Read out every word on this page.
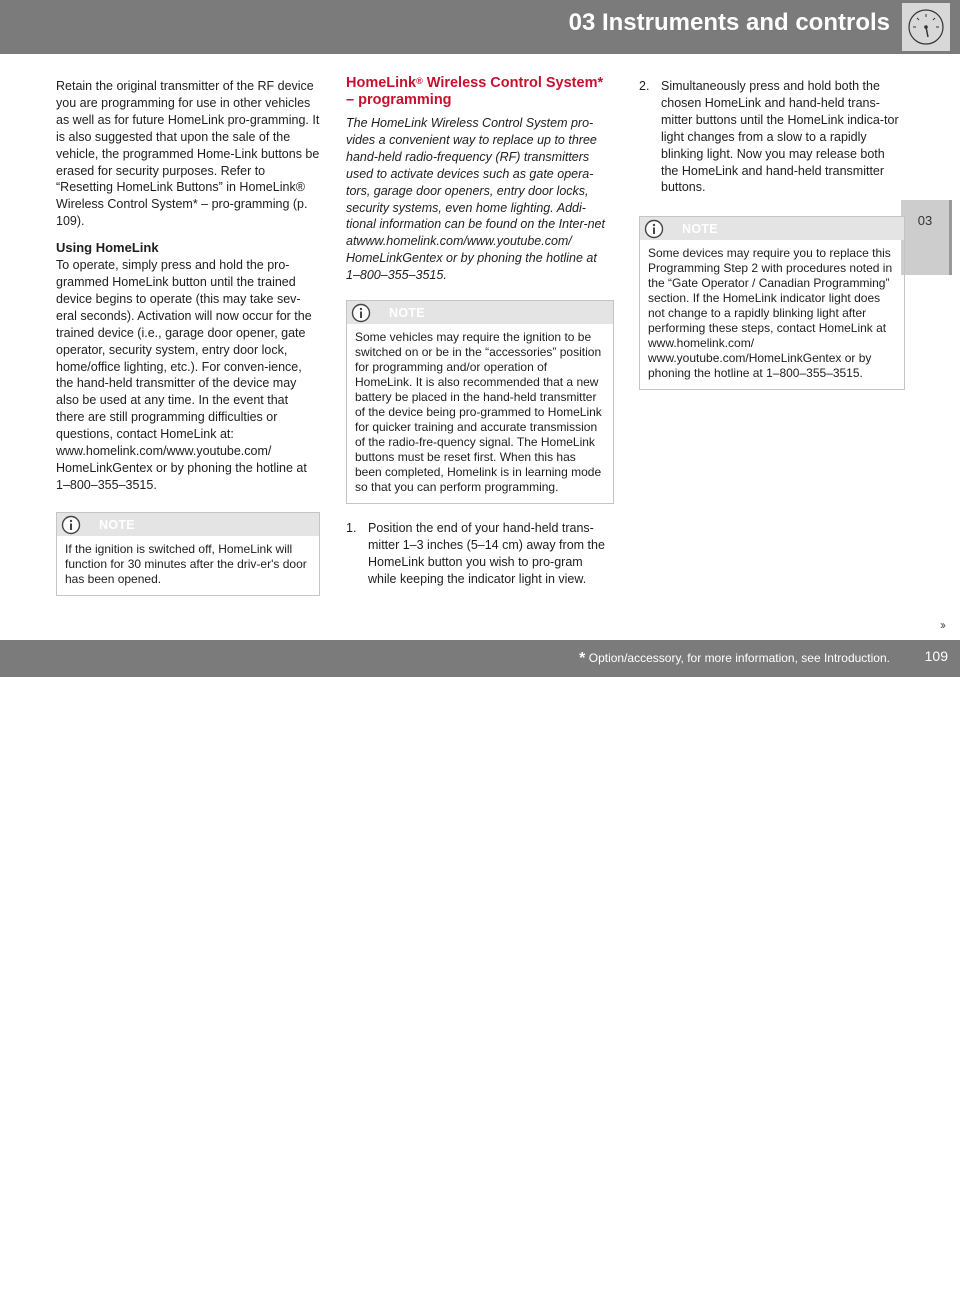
03 Instruments and controls
03

Retain the original transmitter of the RF device you are programming for use in other vehicles as well as for future HomeLink pro-gramming. It is also suggested that upon the sale of the vehicle, the programmed Home-Link buttons be erased for security purposes. Refer to “Resetting HomeLink Buttons” in HomeLink® Wireless Control System* – pro-gramming (p. 109).

Using HomeLink

To operate, simply press and hold the pro-grammed HomeLink button until the trained device begins to operate (this may take sev-eral seconds). Activation will now occur for the trained device (i.e., garage door opener, gate operator, security system, entry door lock, home/office lighting, etc.). For conven-ience, the hand-held transmitter of the device may also be used at any time. In the event that there are still programming difficulties or questions, contact HomeLink at: www.homelink.com/www.youtube.com/ HomeLinkGentex or by phoning the hotline at 1–800–355–3515.

NOTE
If the ignition is switched off, HomeLink will function for 30 minutes after the driv-er's door has been opened.
HomeLink® Wireless Control System* – programming

The HomeLink Wireless Control System pro-vides a convenient way to replace up to three hand-held radio-frequency (RF) transmitters used to activate devices such as gate opera-tors, garage door openers, entry door locks, security systems, even home lighting. Addi-tional information can be found on the Inter-net atwww.homelink.com/www.youtube.com/ HomeLinkGentex or by phoning the hotline at 1–800–355–3515.

NOTE
Some vehicles may require the ignition to be switched on or be in the “accessories” position for programming and/or operation of HomeLink. It is also recommended that a new battery be placed in the hand-held transmitter of the device being pro-grammed to HomeLink for quicker training and accurate transmission of the radio-fre-quency signal. The HomeLink buttons must be reset first. When this has been completed, Homelink is in learning mode so that you can perform programming.
1. Position the end of your hand-held trans-mitter 1–3 inches (5–14 cm) away from the HomeLink button you wish to pro-gram while keeping the indicator light in view.
2. Simultaneously press and hold both the chosen HomeLink and hand-held trans-mitter buttons until the HomeLink indica-tor light changes from a slow to a rapidly blinking light. Now you may release both the HomeLink and hand-held transmitter buttons.
NOTE
Some devices may require you to replace this Programming Step 2 with procedures noted in the “Gate Operator / Canadian Programming” section. If the HomeLink indicator light does not change to a rapidly blinking light after performing these steps, contact HomeLink at www.homelink.com/ www.youtube.com/HomeLinkGentex or by phoning the hotline at 1–800–355–3515.
››
* Option/accessory, for more information, see Introduction. 109
carmanualsonline.info
